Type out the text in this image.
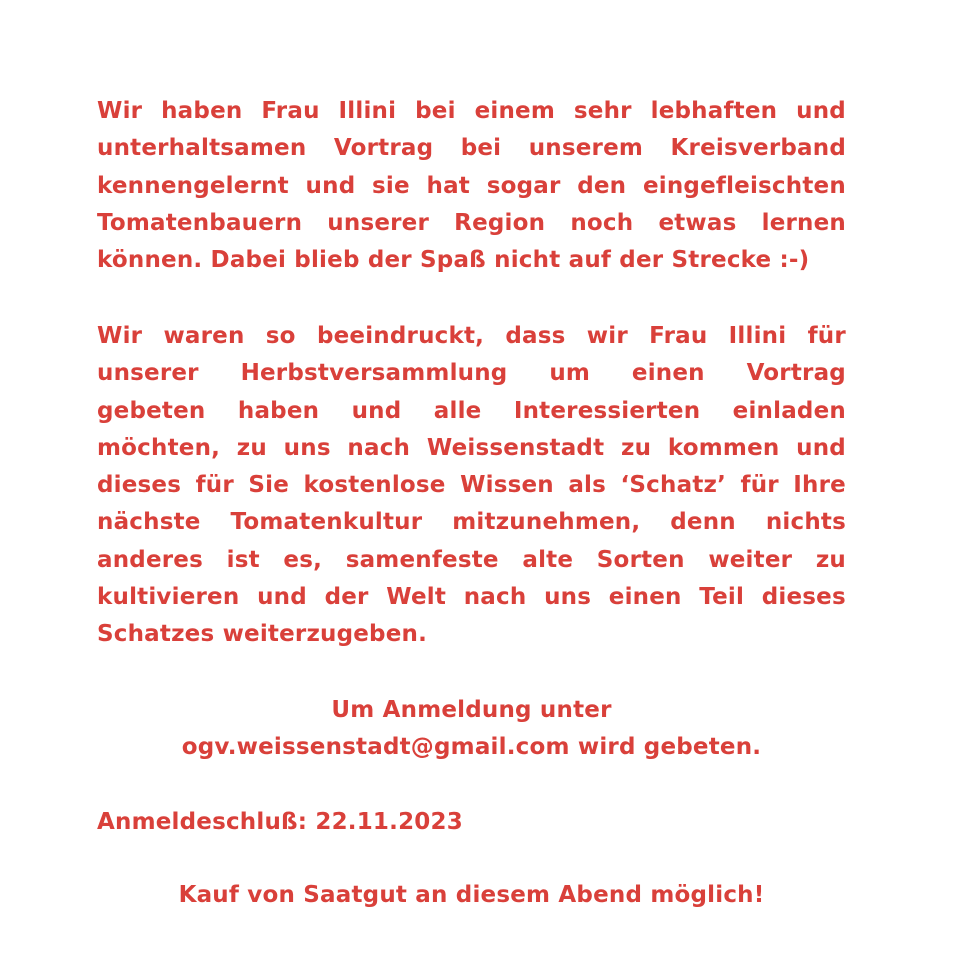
Wir haben Frau Illini bei einem sehr lebhaften und
unterhaltsamen Vortrag bei unserem Kreisverband
kennengelernt und sie hat sogar den eingefleischten
Tomatenbauern unserer Region noch etwas lernen
können. Dabei blieb der Spaß nicht auf der Strecke :-)
Wir waren so beeindruckt, dass wir Frau Illini für
unserer Herbstversammlung um einen Vortrag
gebeten haben und alle Interessierten einladen
möchten, zu uns nach Weissenstadt zu kommen und
dieses für Sie kostenlose Wissen als ‘Schatz’ für Ihre
nächste Tomatenkultur mitzunehmen, denn nichts
anderes ist es, samenfeste alte Sorten weiter zu
kultivieren und der Welt nach uns einen Teil dieses
Schatzes weiterzugeben.
Um Anmeldung unter
ogv.weissenstadt@gmail.com wird gebeten.
Anmeldeschluß: 22.11.2023
Kauf von Saatgut an diesem Abend möglich!
